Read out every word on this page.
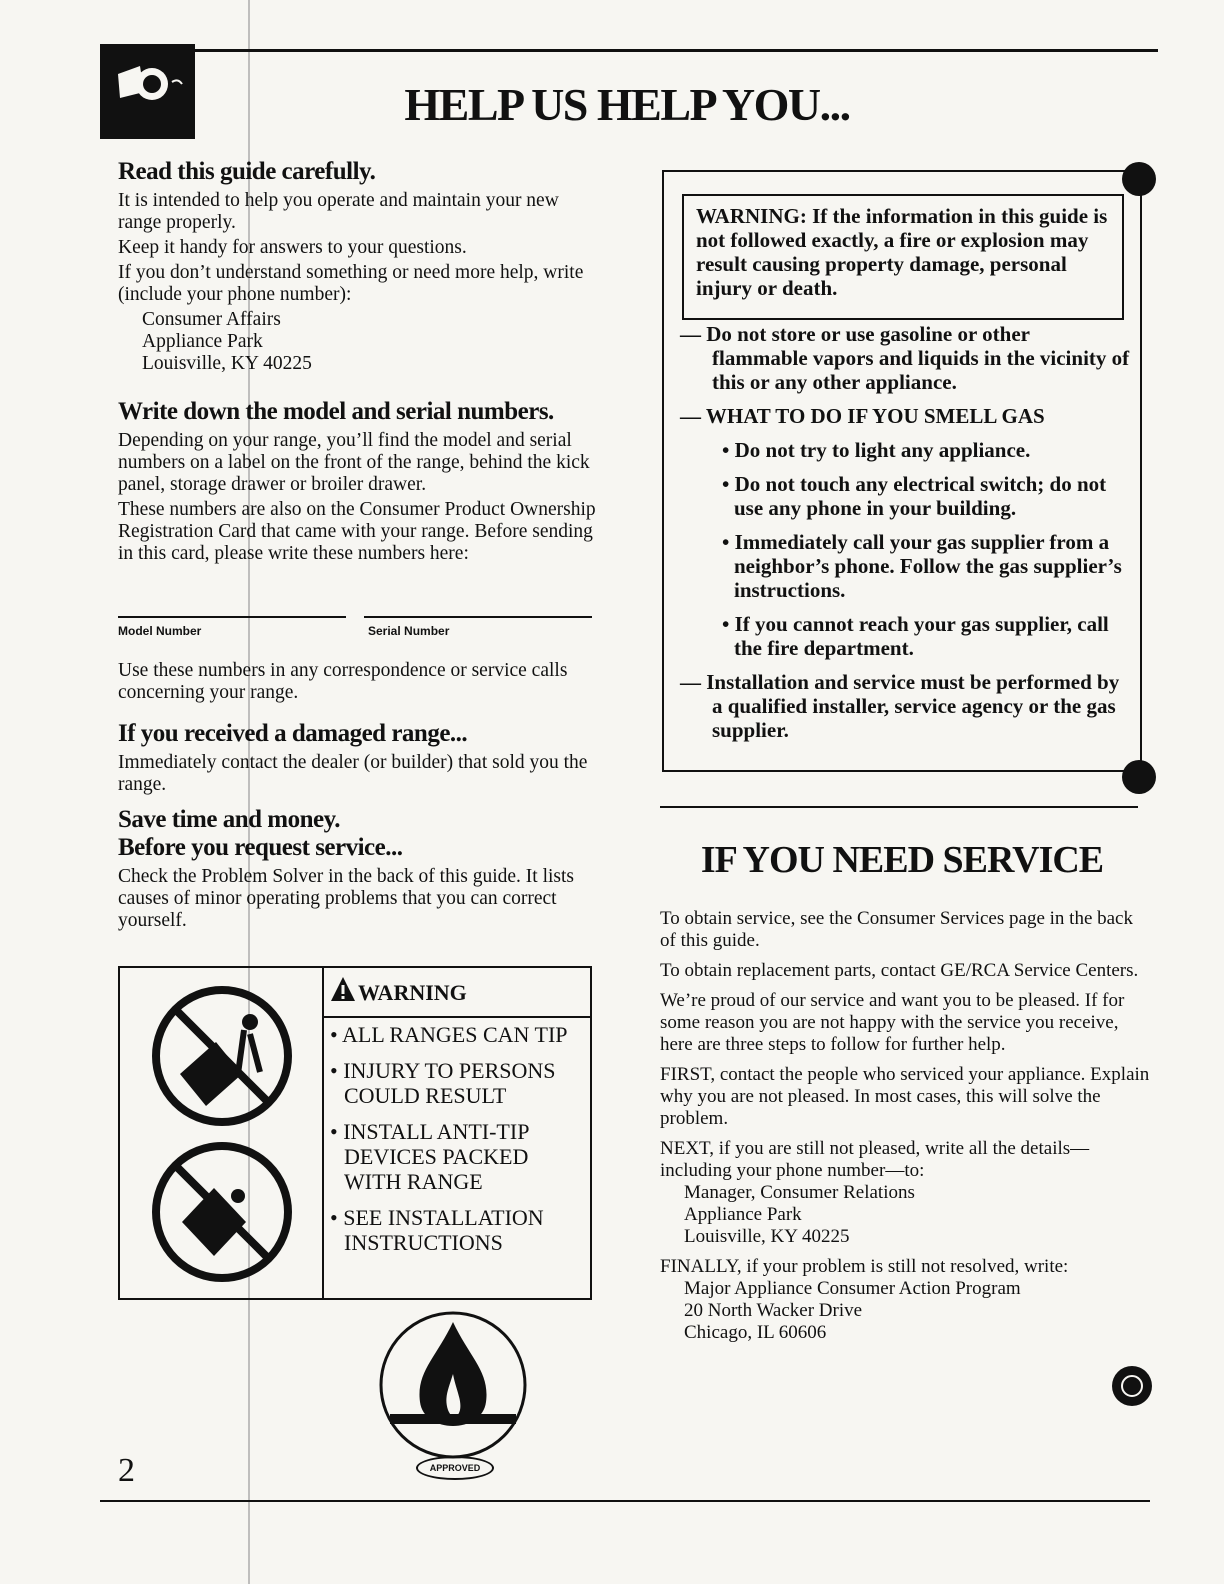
HELP US HELP YOU...
Read this guide carefully.

It is intended to help you operate and maintain your new range properly.

Keep it handy for answers to your questions.

If you don’t understand something or need more help, write (include your phone number):

Consumer Affairs
Appliance Park
Louisville, KY 40225
Write down the model and serial numbers.

Depending on your range, you’ll find the model and serial numbers on a label on the front of the range, behind the kick panel, storage drawer or broiler drawer.

These numbers are also on the Consumer Product Ownership Registration Card that came with your range. Before sending in this card, please write these numbers here:

Model Number	Serial Number

Use these numbers in any correspondence or service calls concerning your range.

If you received a damaged range...

Immediately contact the dealer (or builder) that sold you the range.

Save time and money.
Before you request service...

Check the Problem Solver in the back of this guide. It lists causes of minor operating problems that you can correct yourself.

WARNING
• ALL RANGES CAN TIP
• INJURY TO PERSONS COULD RESULT
• INSTALL ANTI-TIP DEVICES PACKED WITH RANGE
• SEE INSTALLATION INSTRUCTIONS
WARNING: If the information in this guide is not followed exactly, a fire or explosion may result causing property damage, personal injury or death.
— Do not store or use gasoline or other flammable vapors and liquids in the vicinity of this or any other appliance.
— WHAT TO DO IF YOU SMELL GAS
• Do not try to light any appliance.
• Do not touch any electrical switch; do not use any phone in your building.
• Immediately call your gas supplier from a neighbor’s phone. Follow the gas supplier’s instructions.
• If you cannot reach your gas supplier, call the fire department.
— Installation and service must be performed by a qualified installer, service agency or the gas supplier.
IF YOU NEED SERVICE

To obtain service, see the Consumer Services page in the back of this guide.

To obtain replacement parts, contact GE/RCA Service Centers.

We’re proud of our service and want you to be pleased. If for some reason you are not happy with the service you receive, here are three steps to follow for further help.

FIRST, contact the people who serviced your appliance. Explain why you are not pleased. In most cases, this will solve the problem.

NEXT, if you are still not pleased, write all the details—including your phone number—to:

Manager, Consumer Relations
Appliance Park
Louisville, KY 40225

FINALLY, if your problem is still not resolved, write:

Major Appliance Consumer Action Program
20 North Wacker Drive
Chicago, IL 60606
APPROVED
2
